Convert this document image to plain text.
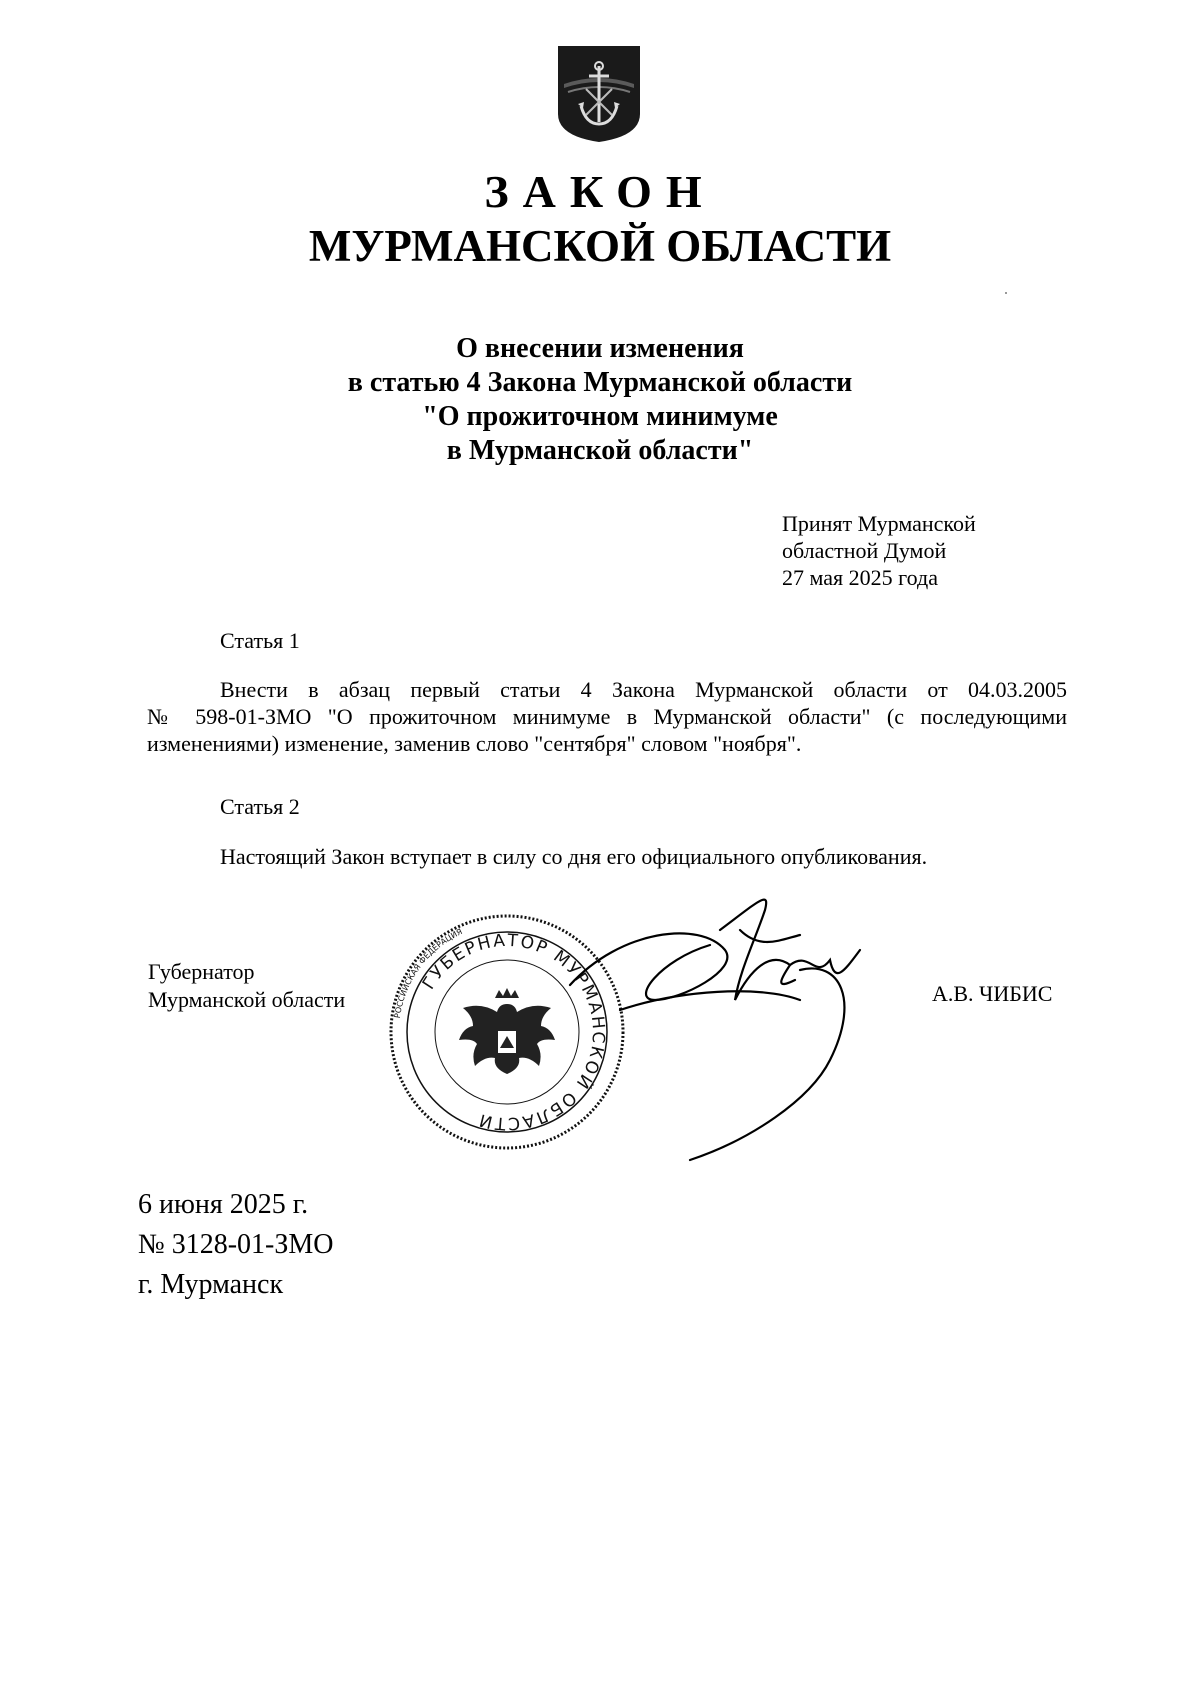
ЗАКОН
МУРМАНСКОЙ ОБЛАСТИ
О внесении изменения
в статью 4 Закона Мурманской области
"О прожиточном минимуме
в Мурманской области"
Принят Мурманской
областной Думой
27 мая 2025 года
Статья 1
Внести в абзац первый статьи 4 Закона Мурманской области от 04.03.2005
№ 598-01-ЗМО "О прожиточном минимуме в Мурманской области" (с последующими
изменениями) изменение, заменив слово "сентября" словом "ноября".
Статья 2
Настоящий Закон вступает в силу со дня его официального опубликования.
Губернатор
Мурманской области	А.В. ЧИБИС
РОССИЙСКАЯ ФЕДЕРАЦИЯ
ГУБЕРНАТОР МУРМАНСКОЙ ОБЛАСТИ
6 июня 2025 г.
№ 3128-01-ЗМО
г. Мурманск
